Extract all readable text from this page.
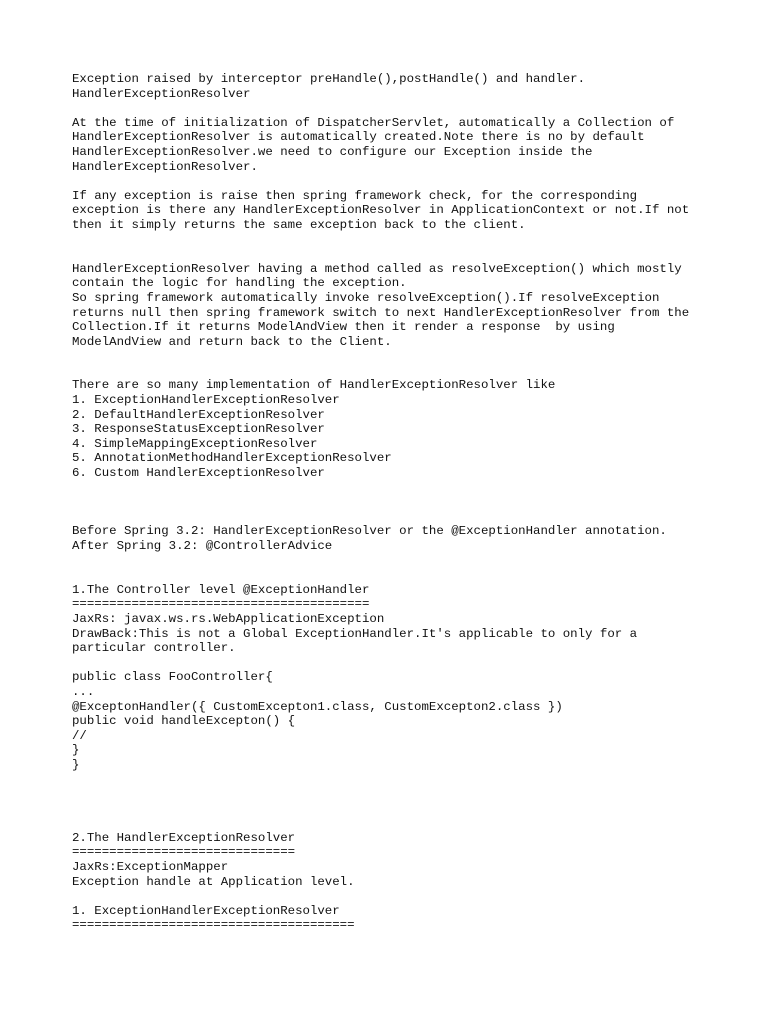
Exception raised by interceptor preHandle(),postHandle() and handler.
HandlerExceptionResolver

At the time of initialization of DispatcherServlet, automatically a Collection of
HandlerExceptionResolver is automatically created.Note there is no by default
HandlerExceptionResolver.we need to configure our Exception inside the
HandlerExceptionResolver.

If any exception is raise then spring framework check, for the corresponding
exception is there any HandlerExceptionResolver in ApplicationContext or not.If not
then it simply returns the same exception back to the client.

HandlerExceptionResolver having a method called as resolveException() which mostly
contain the logic for handling the exception.
So spring framework automatically invoke resolveException().If resolveException
returns null then spring framework switch to next HandlerExceptionResolver from the
Collection.If it returns ModelAndView then it render a response  by using
ModelAndView and return back to the Client.

There are so many implementation of HandlerExceptionResolver like
1. ExceptionHandlerExceptionResolver
2. DefaultHandlerExceptionResolver
3. ResponseStatusExceptionResolver
4. SimpleMappingExceptionResolver
5. AnnotationMethodHandlerExceptionResolver
6. Custom HandlerExceptionResolver

Before Spring 3.2: HandlerExceptionResolver or the @ExceptionHandler annotation.
After Spring 3.2: @ControllerAdvice

1.The Controller level @ExceptionHandler
========================================
JaxRs: javax.ws.rs.WebApplicationException
DrawBack:This is not a Global ExceptionHandler.It's applicable to only for a
particular controller.

public class FooController{
...
@ExceptonHandler({ CustomExcepton1.class, CustomExcepton2.class })
public void handleExcepton() {
//
}
}

2.The HandlerExceptionResolver
==============================
JaxRs:ExceptionMapper
Exception handle at Application level.

1. ExceptionHandlerExceptionResolver
======================================
